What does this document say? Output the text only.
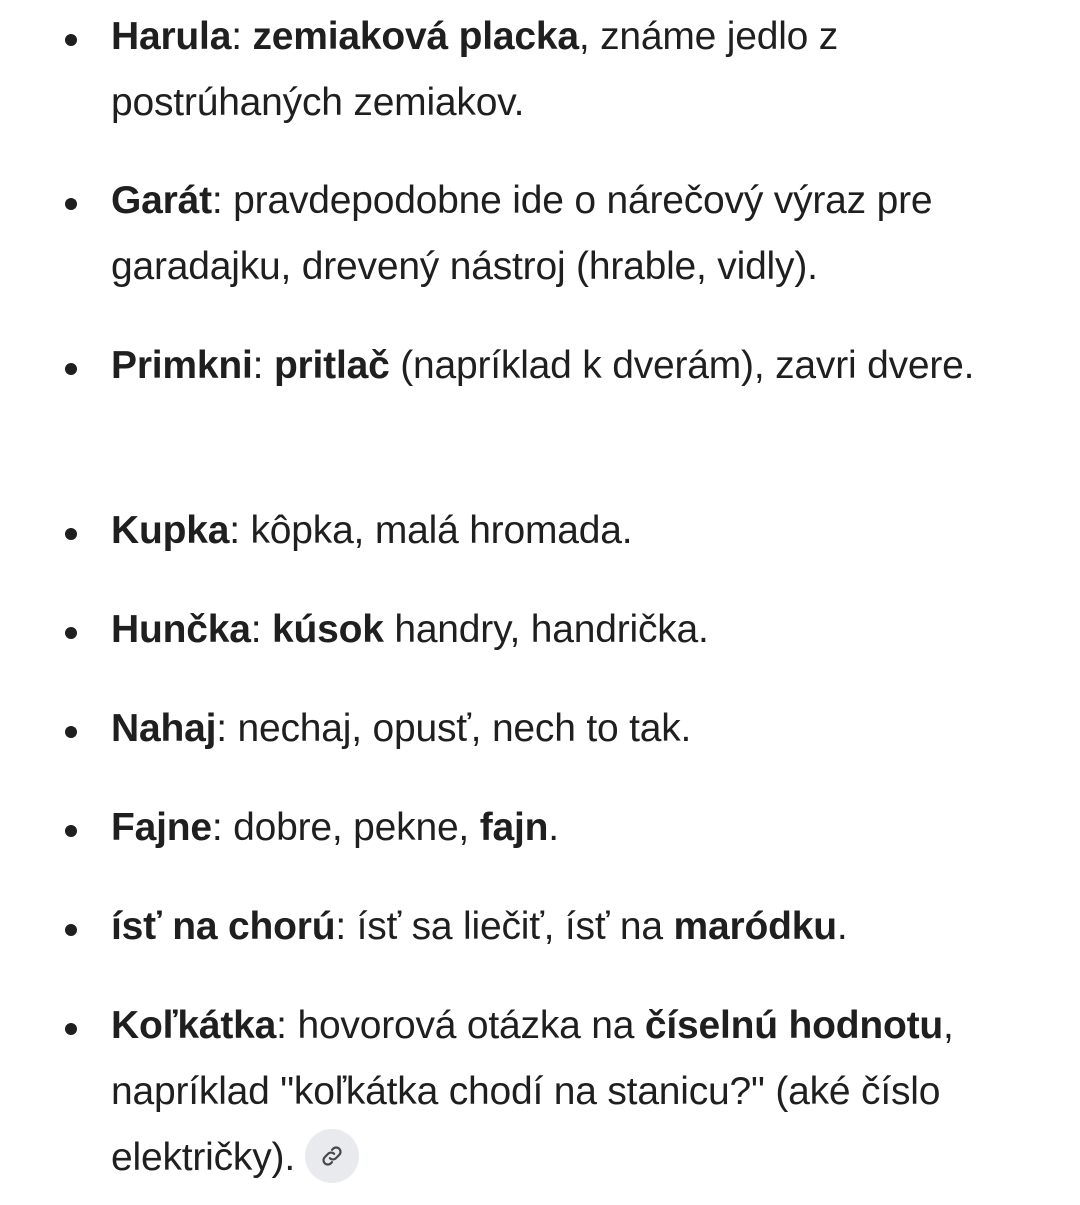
Harula: zemiaková placka, známe jedlo z postrúhaných zemiakov.
Garát: pravdepodobne ide o nárečový výraz pre garadajku, drevený nástroj (hrable, vidly).
Primkni: pritlač (napríklad k dverám), zavri dvere.
Kupka: kôpka, malá hromada.
Hunčka: kúsok handry, handrička.
Nahaj: nechaj, opusť, nech to tak.
Fajne: dobre, pekne, fajn.
ísť na chorú: ísť sa liečiť, ísť na maródku.
Koľkátka: hovorová otázka na číselnú hodnotu, napríklad "koľkátka chodí na stanicu?" (aké číslo električky).
